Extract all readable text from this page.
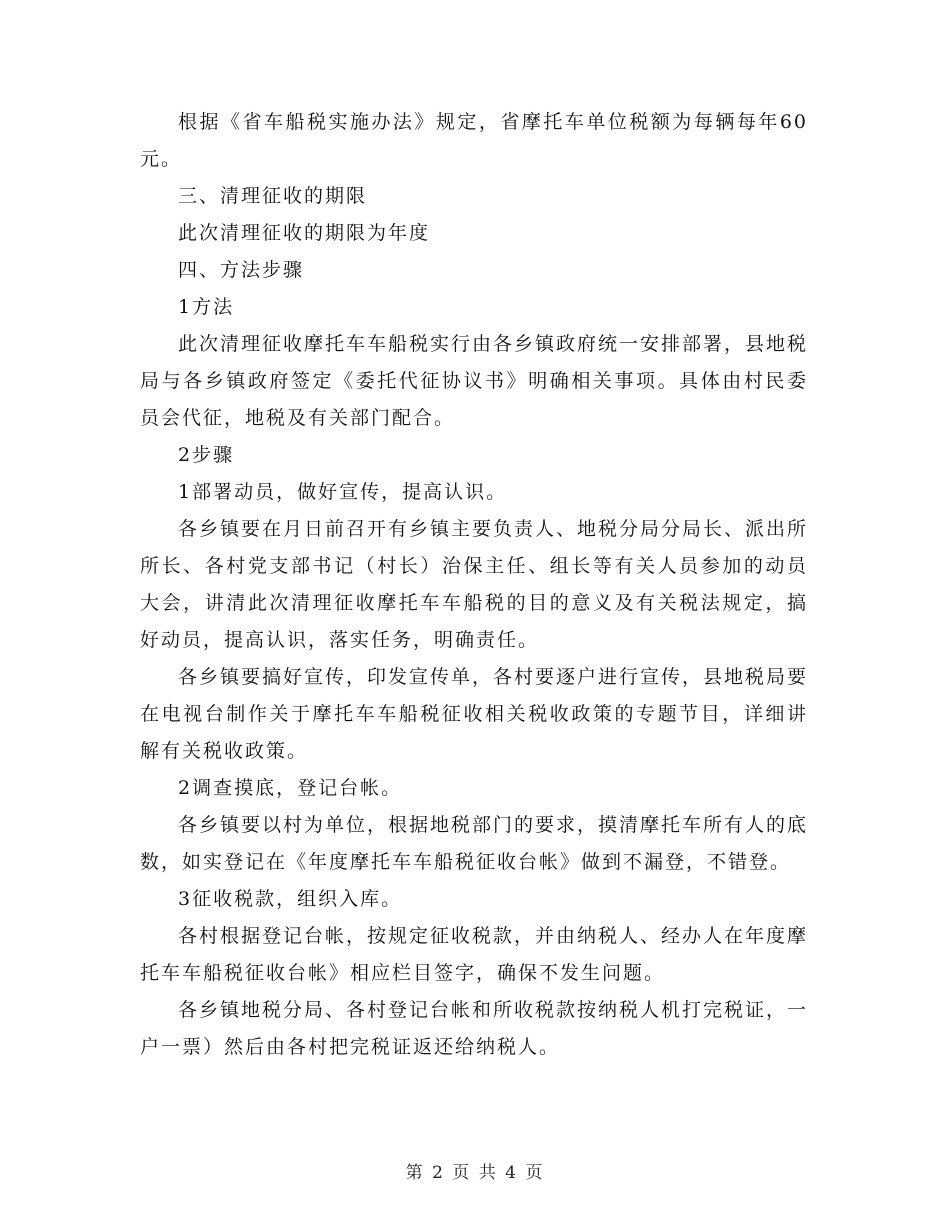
根据《省车船税实施办法》规定，省摩托车单位税额为每辆每年60元。

三、清理征收的期限

此次清理征收的期限为年度

四、方法步骤

1方法

此次清理征收摩托车车船税实行由各乡镇政府统一安排部署，县地税局与各乡镇政府签定《委托代征协议书》明确相关事项。具体由村民委员会代征，地税及有关部门配合。

2步骤

1部署动员，做好宣传，提高认识。

各乡镇要在月日前召开有乡镇主要负责人、地税分局分局长、派出所所长、各村党支部书记（村长）治保主任、组长等有关人员参加的动员大会，讲清此次清理征收摩托车车船税的目的意义及有关税法规定，搞好动员，提高认识，落实任务，明确责任。

各乡镇要搞好宣传，印发宣传单，各村要逐户进行宣传，县地税局要在电视台制作关于摩托车车船税征收相关税收政策的专题节目，详细讲解有关税收政策。

2调查摸底，登记台帐。

各乡镇要以村为单位，根据地税部门的要求，摸清摩托车所有人的底数，如实登记在《年度摩托车车船税征收台帐》做到不漏登，不错登。

3征收税款，组织入库。

各村根据登记台帐，按规定征收税款，并由纳税人、经办人在年度摩托车车船税征收台帐》相应栏目签字，确保不发生问题。

各乡镇地税分局、各村登记台帐和所收税款按纳税人机打完税证，一户一票）然后由各村把完税证返还给纳税人。

第 2 页 共 4 页
